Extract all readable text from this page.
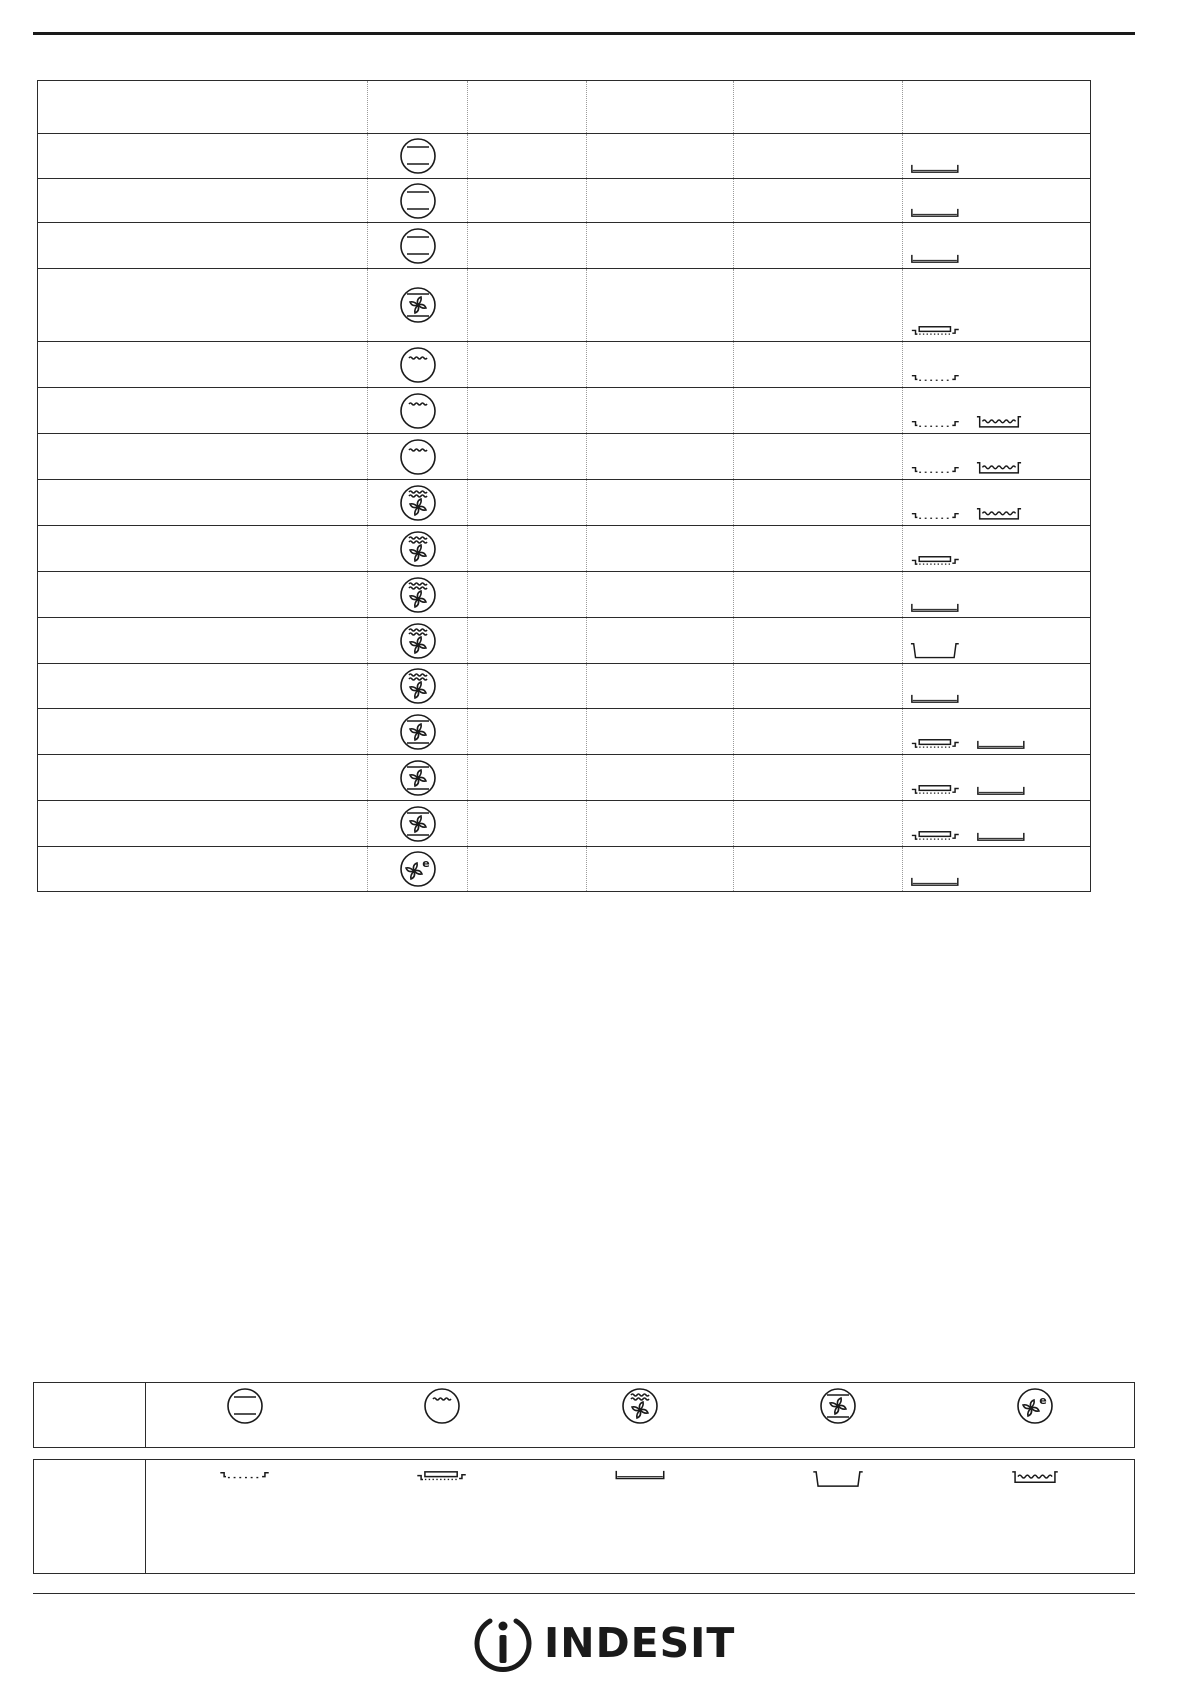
e
e
INDESIT
